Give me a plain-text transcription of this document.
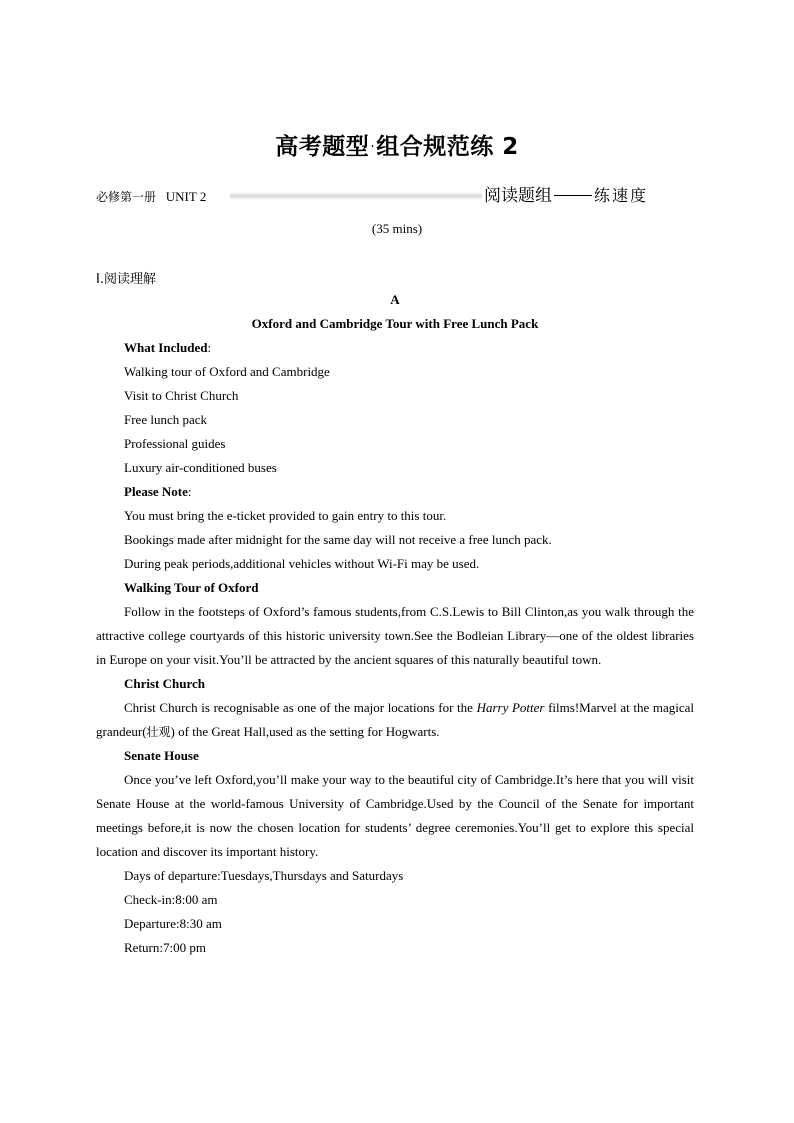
高考题型·组合规范练 2
必修第一册 UNIT 2	阅读题组	练速度
(35 mins)
Ⅰ.阅读理解

A

Oxford and Cambridge Tour with Free Lunch Pack

What Included:

Walking tour of Oxford and Cambridge

Visit to Christ Church

Free lunch pack

Professional guides

Luxury air-conditioned buses

Please Note:

You must bring the e-ticket provided to gain entry to this tour.

Bookings made after midnight for the same day will not receive a free lunch pack.

During peak periods,additional vehicles without Wi-Fi may be used.

Walking Tour of Oxford

Follow in the footsteps of Oxford’s famous students,from C.S.Lewis to Bill Clinton,as you walk through the attractive college courtyards of this historic university town.See the Bodleian Library—one of the oldest libraries in Europe on your visit.You’ll be attracted by the ancient squares of this naturally beautiful town.

Christ Church

Christ Church is recognisable as one of the major locations for the Harry Potter films!Marvel at the magical grandeur(壮观) of the Great Hall,used as the setting for Hogwarts.

Senate House

Once you’ve left Oxford,you’ll make your way to the beautiful city of Cambridge.It’s here that you will visit Senate House at the world-famous University of Cambridge.Used by the Council of the Senate for important meetings before,it is now the chosen location for students’ degree ceremonies.You’ll get to explore this special location and discover its important history.

Days of departure:Tuesdays,Thursdays and Saturdays

Check-in:8:00 am

Departure:8:30 am

Return:7:00 pm
